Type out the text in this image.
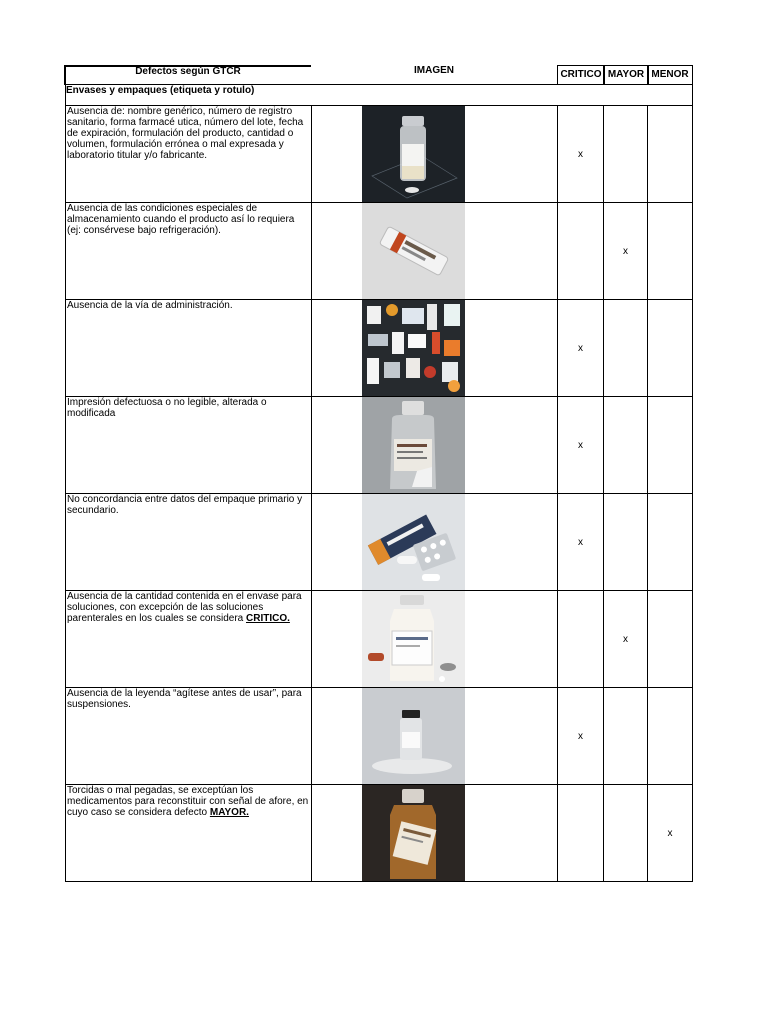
Defectos según GTCR	IMAGEN	CRITICO MAYOR MENOR
Envases y empaques (etiqueta y rotulo)				
Ausencia de: nombre genérico, número de registro sanitario, forma farmacé utica, número del lote, fecha de expiración, formulación del producto, cantidad o volumen, formulación errónea o mal expresada y laboratorio titular y/o fabricante.		x		
Ausencia de las condiciones especiales de almacenamiento cuando el producto así lo requiera (ej: consérvese bajo refrigeración).			x	
Ausencia de la vía de administración.		x		
Impresión defectuosa o no legible, alterada o modificada		x		
No concordancia entre datos del empaque primario y secundario.		x		
Ausencia de la cantidad contenida en el envase para soluciones, con excepción de las soluciones parenterales en los cuales se considera CRITICO.			x	
Ausencia de la leyenda “agítese antes de usar”, para suspensiones.		x		
Torcidas o mal pegadas, se exceptúan los medicamentos para reconstituir con señal de afore, en cuyo caso se considera defecto MAYOR.				x
